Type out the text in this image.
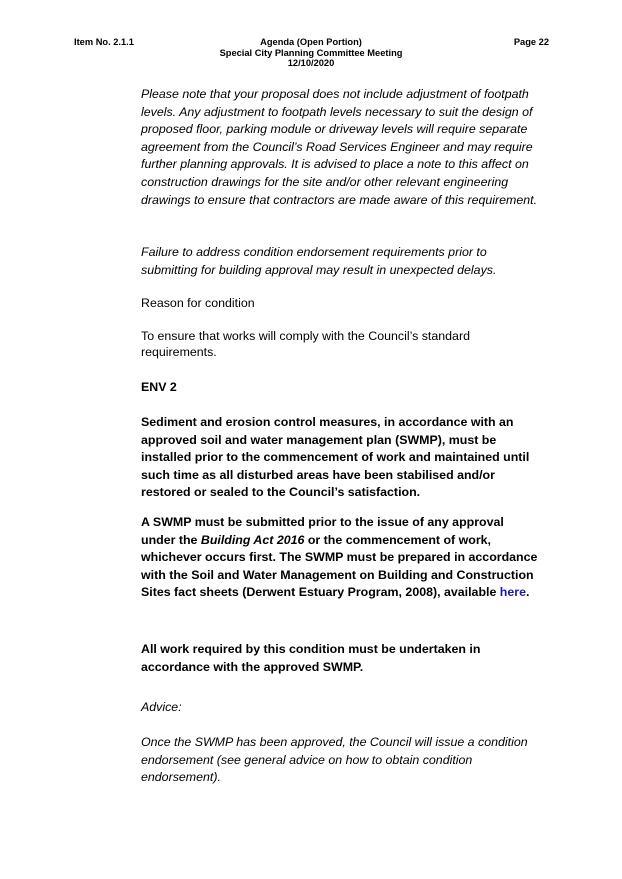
Item No. 2.1.1	Agenda (Open Portion)
Special City Planning Committee Meeting
12/10/2020
Page 22

Please note that your proposal does not include adjustment of footpath levels. Any adjustment to footpath levels necessary to suit the design of proposed floor, parking module or driveway levels will require separate agreement from the Council’s Road Services Engineer and may require further planning approvals. It is advised to place a note to this affect on construction drawings for the site and/or other relevant engineering drawings to ensure that contractors are made aware of this requirement.

Failure to address condition endorsement requirements prior to submitting for building approval may result in unexpected delays.

Reason for condition

To ensure that works will comply with the Council’s standard requirements.

ENV 2

Sediment and erosion control measures, in accordance with an approved soil and water management plan (SWMP), must be installed prior to the commencement of work and maintained until such time as all disturbed areas have been stabilised and/or restored or sealed to the Council’s satisfaction.

A SWMP must be submitted prior to the issue of any approval under the Building Act 2016 or the commencement of work, whichever occurs first. The SWMP must be prepared in accordance with the Soil and Water Management on Building and Construction Sites fact sheets (Derwent Estuary Program, 2008), available here.

All work required by this condition must be undertaken in accordance with the approved SWMP.

Advice:

Once the SWMP has been approved, the Council will issue a condition endorsement (see general advice on how to obtain condition endorsement).
